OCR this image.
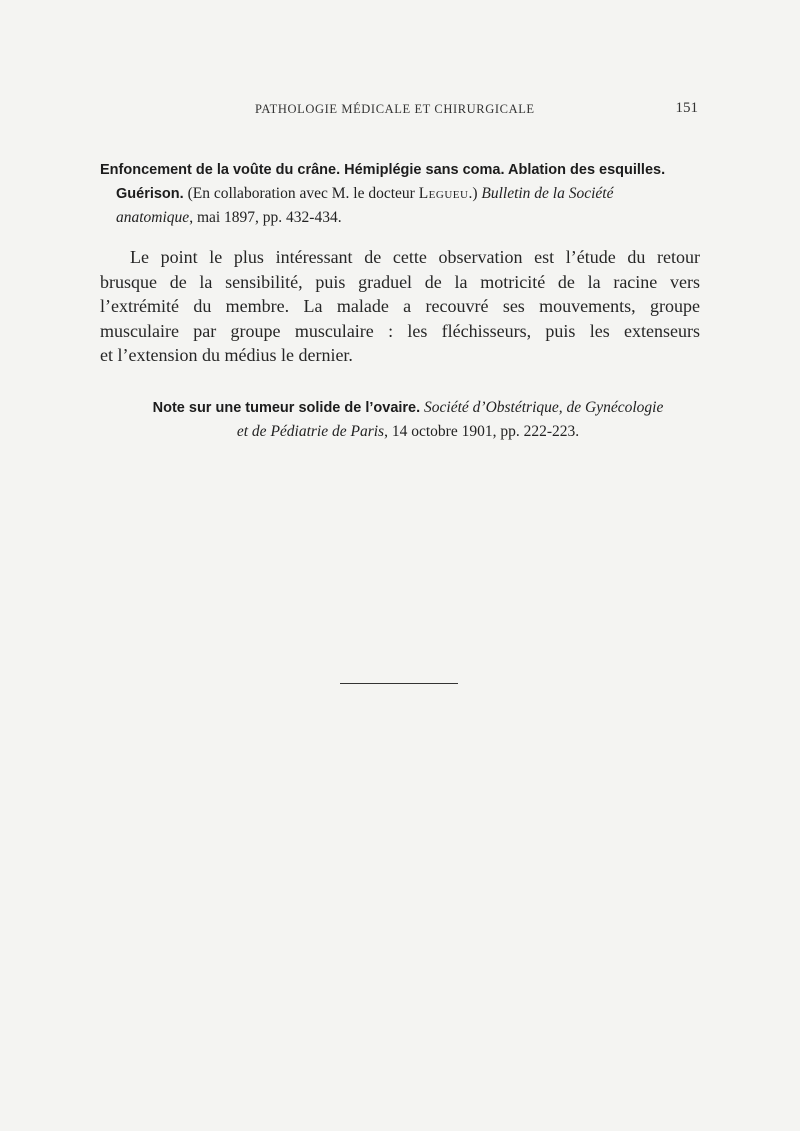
PATHOLOGIE MÉDICALE ET CHIRURGICALE	151
Enfoncement de la voûte du crâne. Hémiplégie sans coma. Ablation des esquilles.
Guérison. (En collaboration avec M. le docteur Legueu.) Bulletin de la Société
anatomique, mai 1897, pp. 432-434.
Le point le plus intéressant de cette observation est l’étude du retour
brusque de la sensibilité, puis graduel de la motricité de la racine vers
l’extrémité du membre. La malade a recouvré ses mouvements, groupe
musculaire par groupe musculaire : les fléchisseurs, puis les extenseurs
et l’extension du médius le dernier.
Note sur une tumeur solide de l’ovaire. Société d’Obstétrique, de Gynécologie
et de Pédiatrie de Paris, 14 octobre 1901, pp. 222-223.
